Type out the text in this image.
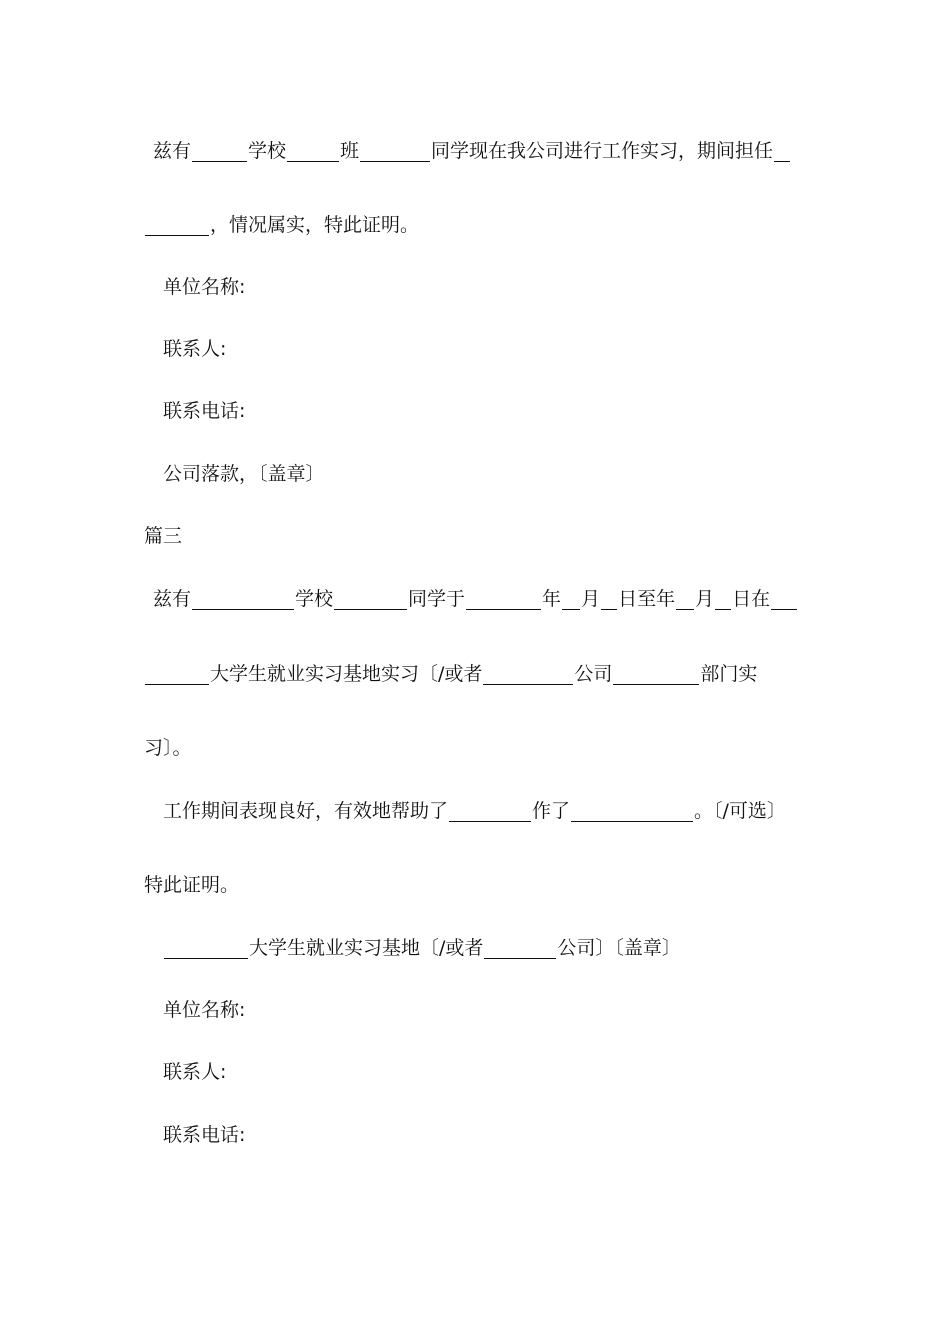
兹有	学校	班	同学现在我公司进行工作实习，期间担任
，情况属实，特此证明。
单位名称:
联系人:
联系电话:
公司落款，〔盖章〕
篇三
兹有	学校	同学于	年 月 日至年 月 日在
大学生就业实习基地实习〔/或者	公司	部门实
习〕。
工作期间表现良好，有效地帮助了	作了	。〔/可选〕
特此证明。
大学生就业实习基地〔/或者	公司〕〔盖章〕
单位名称:
联系人:
联系电话:
